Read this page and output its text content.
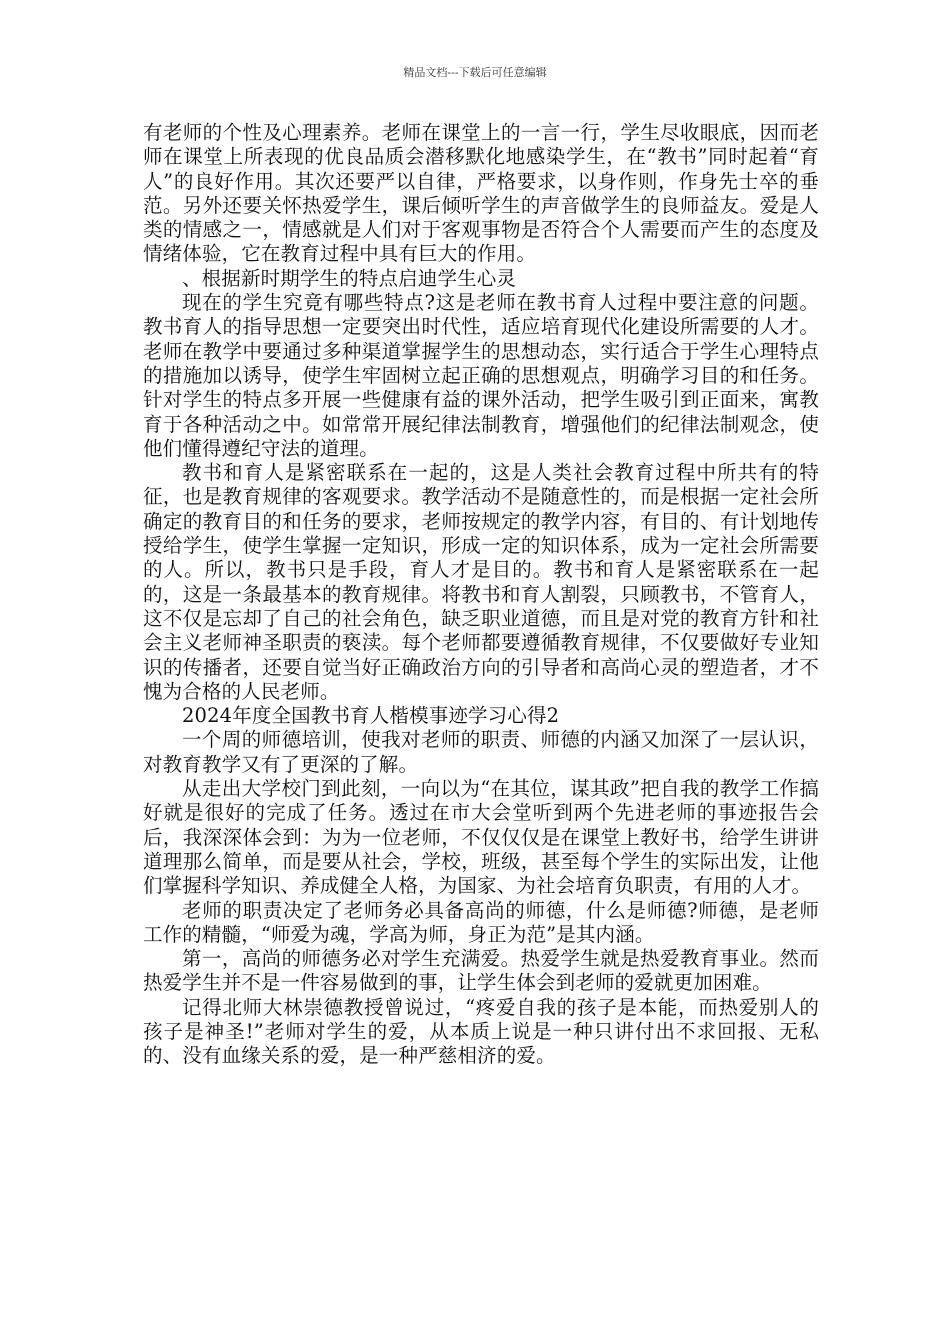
精品文档---下载后可任意编辑

有老师的个性及心理素养。老师在课堂上的一言一行，学生尽收眼底，因而老师在课堂上所表现的优良品质会潜移默化地感染学生，在“教书”同时起着“育人”的良好作用。其次还要严以自律，严格要求，以身作则，作身先士卒的垂范。另外还要关怀热爱学生，课后倾听学生的声音做学生的良师益友。爱是人类的情感之一，情感就是人们对于客观事物是否符合个人需要而产生的态度及情绪体验，它在教育过程中具有巨大的作用。

、根据新时期学生的特点启迪学生心灵

现在的学生究竟有哪些特点?这是老师在教书育人过程中要注意的问题。教书育人的指导思想一定要突出时代性，适应培育现代化建设所需要的人才。老师在教学中要通过多种渠道掌握学生的思想动态，实行适合于学生心理特点的措施加以诱导，使学生牢固树立起正确的思想观点，明确学习目的和任务。针对学生的特点多开展一些健康有益的课外活动，把学生吸引到正面来，寓教育于各种活动之中。如常常开展纪律法制教育，增强他们的纪律法制观念，使他们懂得遵纪守法的道理。

教书和育人是紧密联系在一起的，这是人类社会教育过程中所共有的特征，也是教育规律的客观要求。教学活动不是随意性的，而是根据一定社会所确定的教育目的和任务的要求，老师按规定的教学内容，有目的、有计划地传授给学生，使学生掌握一定知识，形成一定的知识体系，成为一定社会所需要的人。所以，教书只是手段，育人才是目的。教书和育人是紧密联系在一起的，这是一条最基本的教育规律。将教书和育人割裂，只顾教书，不管育人，这不仅是忘却了自己的社会角色，缺乏职业道德，而且是对党的教育方针和社会主义老师神圣职责的亵渎。每个老师都要遵循教育规律，不仅要做好专业知识的传播者，还要自觉当好正确政治方向的引导者和高尚心灵的塑造者，才不愧为合格的人民老师。

2024年度全国教书育人楷模事迹学习心得2

一个周的师德培训，使我对老师的职责、师德的内涵又加深了一层认识，对教育教学又有了更深的了解。

从走出大学校门到此刻，一向以为“在其位，谋其政”把自我的教学工作搞好就是很好的完成了任务。透过在市大会堂听到两个先进老师的事迹报告会后，我深深体会到：为为一位老师，不仅仅仅是在课堂上教好书，给学生讲讲道理那么简单，而是要从社会，学校，班级，甚至每个学生的实际出发，让他们掌握科学知识、养成健全人格，为国家、为社会培育负职责，有用的人才。

老师的职责决定了老师务必具备高尚的师德，什么是师德?师德，是老师工作的精髓，“师爱为魂，学高为师，身正为范”是其内涵。

第一，高尚的师德务必对学生充满爱。热爱学生就是热爱教育事业。然而热爱学生并不是一件容易做到的事，让学生体会到老师的爱就更加困难。

记得北师大林崇德教授曾说过，“疼爱自我的孩子是本能，而热爱别人的孩子是神圣!”老师对学生的爱，从本质上说是一种只讲付出不求回报、无私的、没有血缘关系的爱，是一种严慈相济的爱。
